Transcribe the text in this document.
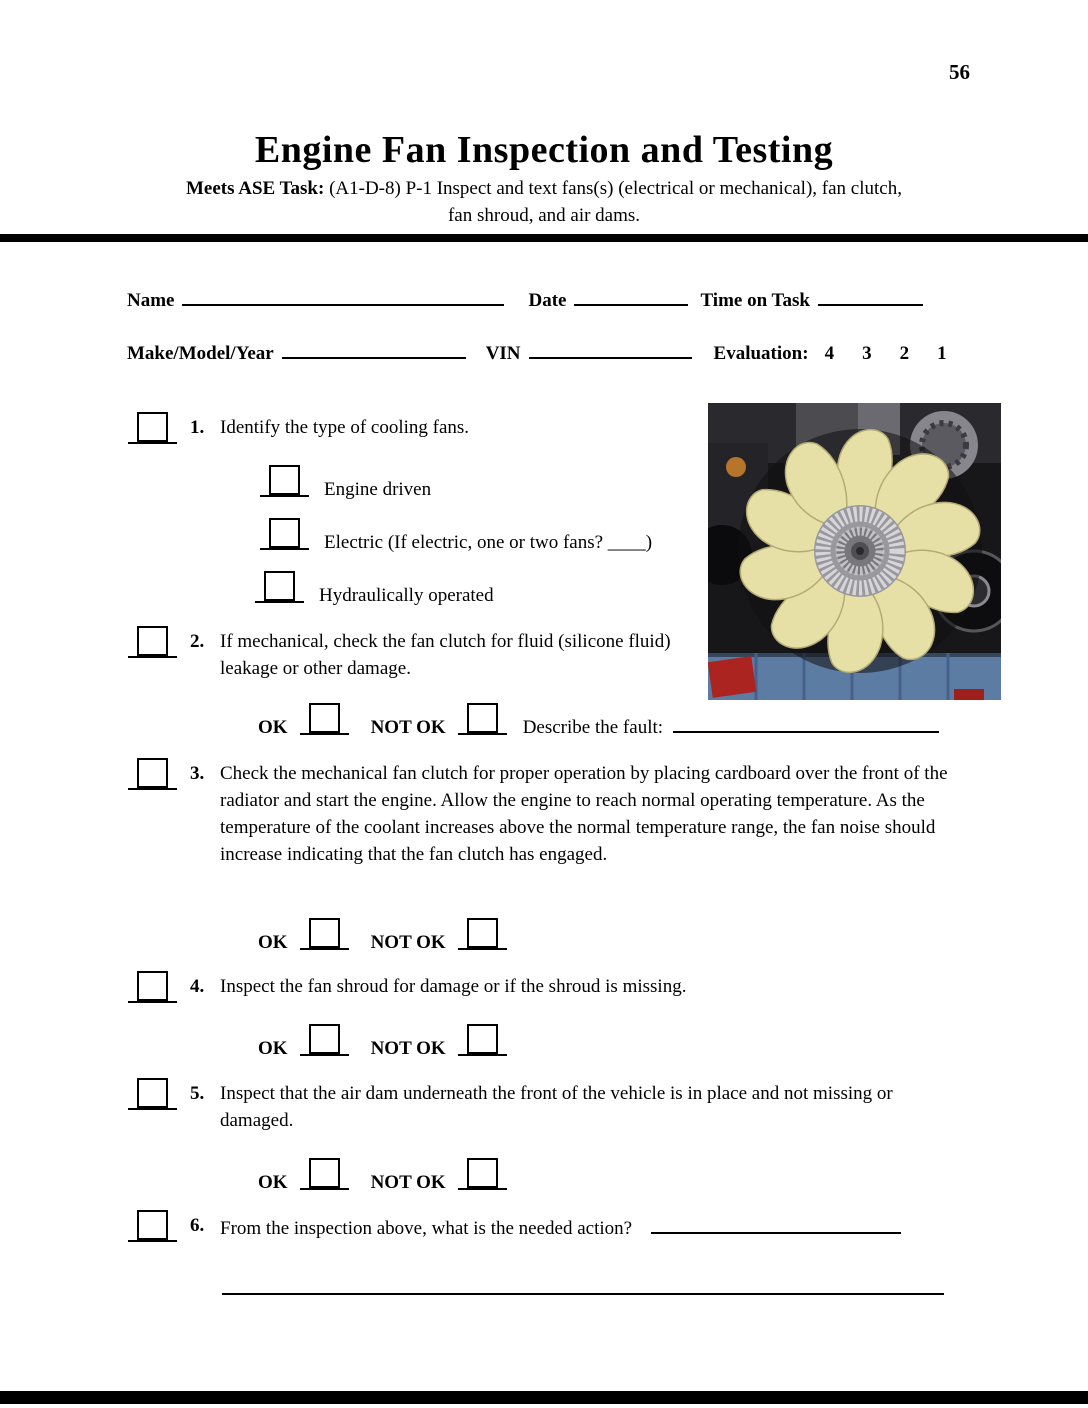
56
Engine Fan Inspection and Testing
Meets ASE Task: (A1-D-8) P-1 Inspect and text fans(s) (electrical or mechanical), fan clutch,
fan shroud, and air dams.
Name	Date	Time on Task
Make/Model/Year	VIN	Evaluation: 4 3 2 1
1. Identify the type of cooling fans.

Engine driven
Electric (If electric, one or two fans? ____)
Hydraulically operated
2. If mechanical, check the fan clutch for fluid (silicone fluid) leakage or other damage.

OK	NOT OK	Describe the fault:
3. Check the mechanical fan clutch for proper operation by placing cardboard over the front of the radiator and start the engine. Allow the engine to reach normal operating temperature. As the temperature of the coolant increases above the normal temperature range, the fan noise should increase indicating that the fan clutch has engaged.

OK	NOT OK
4. Inspect the fan shroud for damage or if the shroud is missing.

OK	NOT OK
5. Inspect that the air dam underneath the front of the vehicle is in place and not missing or damaged.

OK	NOT OK
6. From the inspection above, what is the needed action?
